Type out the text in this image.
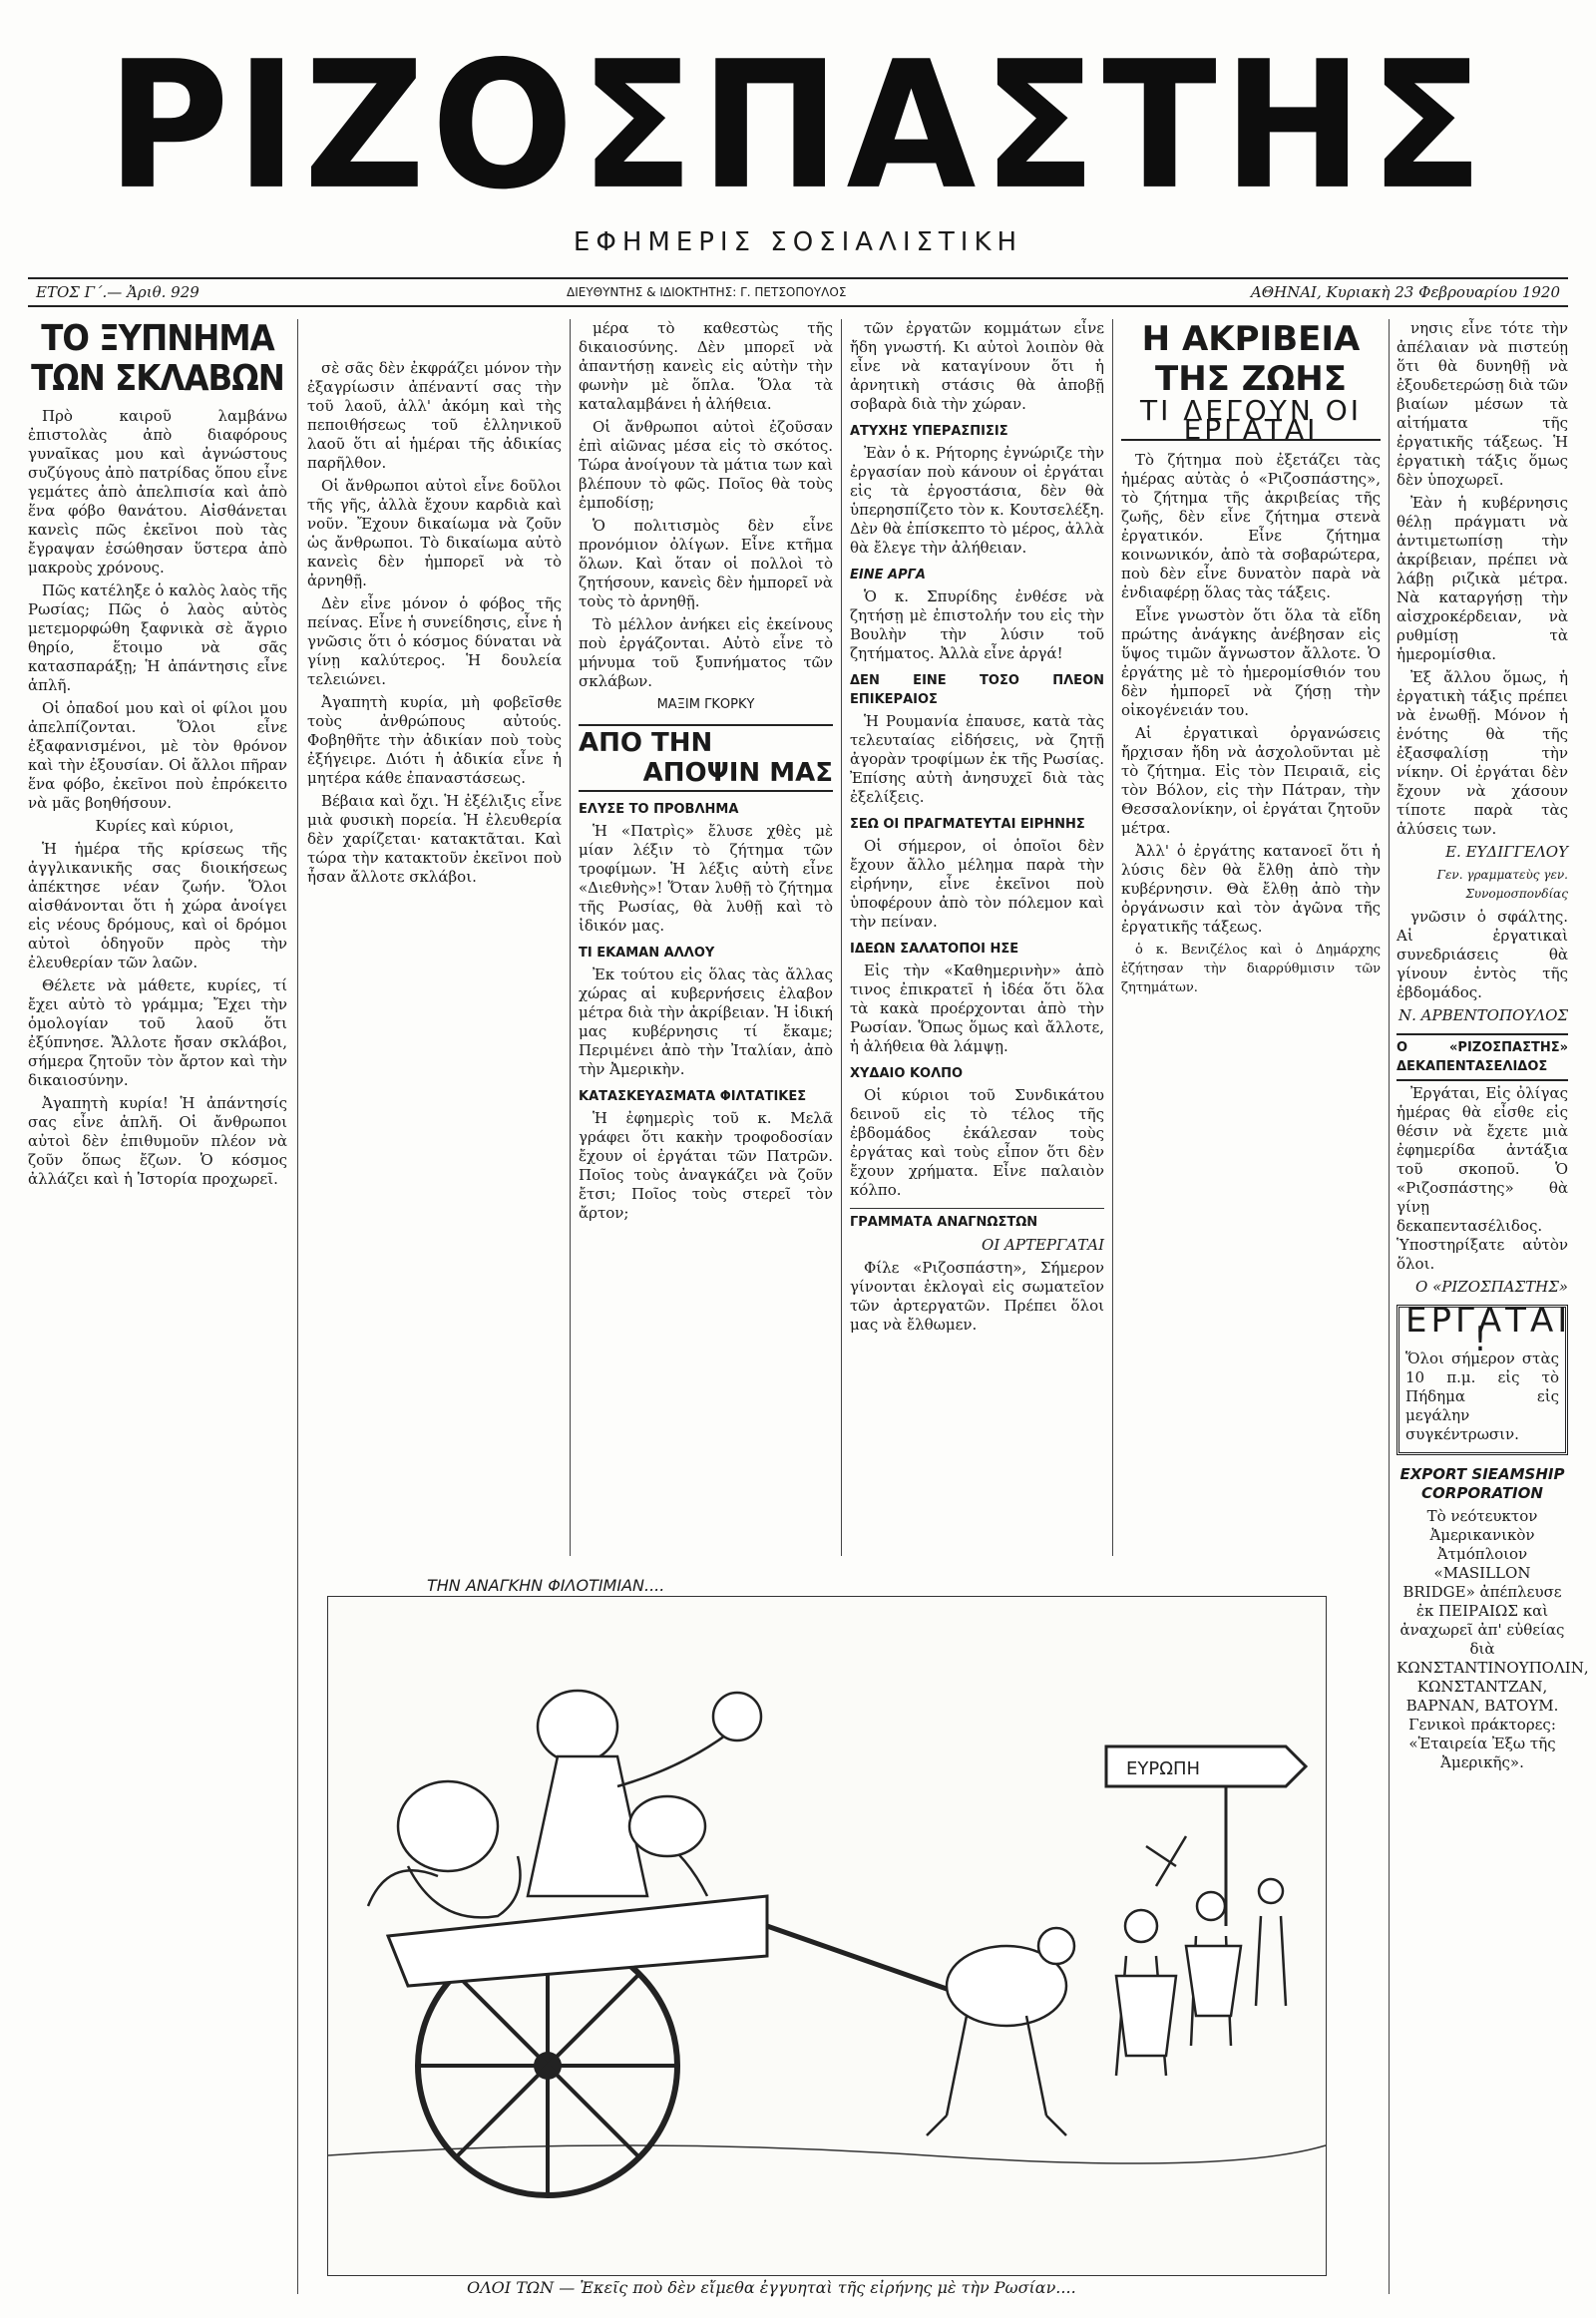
ΡΙΖΟΣΠΑΣΤΗΣ
ΕΦΗΜΕΡΙΣ ΣΟΣΙΑΛΙΣΤΙΚΗ
ΕΤΟΣ Γ΄.— Ἀριθ. 929	ΔΙΕΥΘΥΝΤΗΣ & ΙΔΙΟΚΤΗΤΗΣ: Γ. ΠΕΤΣΟΠΟΥΛΟΣ	ΑΘΗΝΑΙ, Κυριακὴ 23 Φεβρουαρίου 1920
ΤΟ ΞΥΠΝΗΜΑ ΤΩΝ ΣΚΛΑΒΩΝ

Πρὸ καιροῦ λαμβάνω ἐπιστολὰς ἀπὸ διαφόρους γυναῖκας μου καὶ ἀγνώστους συζύγους ἀπὸ πατρίδας ὅπου εἶνε γεμάτες ἀπὸ ἀπελπισία καὶ ἀπὸ ἕνα φόβο θανάτου. Αἰσθάνεται κανεὶς πῶς ἐκεῖνοι ποὺ τὰς ἔγραψαν ἐσώθησαν ὕστερα ἀπὸ μακροὺς χρόνους.

Πῶς κατέληξε ὁ καλὸς λαὸς τῆς Ρωσίας; Πῶς ὁ λαὸς αὐτὸς μετεμορφώθη ξαφνικὰ σὲ ἄγριο θηρίο, ἕτοιμο νὰ σᾶς κατασπαράξῃ; Ἡ ἀπάντησις εἶνε ἁπλῆ.

Οἱ ὀπαδοί μου καὶ οἱ φίλοι μου ἀπελπίζονται. Ὅλοι εἶνε ἐξαφανισμένοι, μὲ τὸν θρόνον καὶ τὴν ἐξουσίαν. Οἱ ἄλλοι πῆραν ἕνα φόβο, ἐκεῖνοι ποὺ ἐπρόκειτο νὰ μᾶς βοηθήσουν.

Κυρίες καὶ κύριοι,

Ἡ ἡμέρα τῆς κρίσεως τῆς ἀγγλικανικῆς σας διοικήσεως ἀπέκτησε νέαν ζωήν. Ὅλοι αἰσθάνονται ὅτι ἡ χώρα ἀνοίγει εἰς νέους δρόμους, καὶ οἱ δρόμοι αὐτοὶ ὁδηγοῦν πρὸς τὴν ἐλευθερίαν τῶν λαῶν.

Θέλετε νὰ μάθετε, κυρίες, τί ἔχει αὐτὸ τὸ γράμμα; Ἔχει τὴν ὁμολογίαν τοῦ λαοῦ ὅτι ἐξύπνησε. Ἄλλοτε ἤσαν σκλάβοι, σήμερα ζητοῦν τὸν ἄρτον καὶ τὴν δικαιοσύνην.

Ἀγαπητὴ κυρία! Ἡ ἀπάντησίς σας εἶνε ἁπλῆ. Οἱ ἄνθρωποι αὐτοὶ δὲν ἐπιθυμοῦν πλέον νὰ ζοῦν ὅπως ἔζων. Ὁ κόσμος ἀλλάζει καὶ ἡ Ἱστορία προχωρεῖ.

σὲ σᾶς δὲν ἐκφράζει μόνον τὴν ἐξαγρίωσιν ἀπέναντί σας τὴν τοῦ λαοῦ, ἀλλ' ἀκόμη καὶ τὴς πεποιθήσεως τοῦ ἑλληνικοῦ λαοῦ ὅτι αἱ ἡμέραι τῆς ἀδικίας παρῆλθον.

Οἱ ἄνθρωποι αὐτοὶ εἶνε δοῦλοι τῆς γῆς, ἀλλὰ ἔχουν καρδιὰ καὶ νοῦν. Ἔχουν δικαίωμα νὰ ζοῦν ὡς ἄνθρωποι. Τὸ δικαίωμα αὐτὸ κανεὶς δὲν ἠμπορεῖ νὰ τὸ ἀρνηθῇ.

Δὲν εἶνε μόνον ὁ φόβος τῆς πείνας. Εἶνε ἡ συνείδησις, εἶνε ἡ γνῶσις ὅτι ὁ κόσμος δύναται νὰ γίνῃ καλύτερος. Ἡ δουλεία τελειώνει.

Ἀγαπητὴ κυρία, μὴ φοβεῖσθε τοὺς ἀνθρώπους αὐτούς. Φοβηθῆτε τὴν ἀδικίαν ποὺ τοὺς ἐξήγειρε. Διότι ἡ ἀδικία εἶνε ἡ μητέρα κάθε ἐπαναστάσεως.

Βέβαια καὶ ὄχι. Ἡ ἐξέλιξις εἶνε μιὰ φυσικὴ πορεία. Ἡ ἐλευθερία δὲν χαρίζεται· κατακτᾶται. Καὶ τώρα τὴν κατακτοῦν ἐκεῖνοι ποὺ ἦσαν ἄλλοτε σκλάβοι.

μέρα τὸ καθεστὼς τῆς δικαιοσύνης. Δὲν μπορεῖ νὰ ἀπαντήσῃ κανεὶς εἰς αὐτὴν τὴν φωνὴν μὲ ὅπλα. Ὅλα τὰ καταλαμβάνει ἡ ἀλήθεια.

Οἱ ἄνθρωποι αὐτοὶ ἐζοῦσαν ἐπὶ αἰῶνας μέσα εἰς τὸ σκότος. Τώρα ἀνοίγουν τὰ μάτια των καὶ βλέπουν τὸ φῶς. Ποῖος θὰ τοὺς ἐμποδίσῃ;

Ὁ πολιτισμὸς δὲν εἶνε προνόμιον ὀλίγων. Εἶνε κτῆμα ὅλων. Καὶ ὅταν οἱ πολλοὶ τὸ ζητήσουν, κανεὶς δὲν ἠμπορεῖ νὰ τοὺς τὸ ἀρνηθῇ.

Τὸ μέλλον ἀνήκει εἰς ἐκείνους ποὺ ἐργάζονται. Αὐτὸ εἶνε τὸ μήνυμα τοῦ ξυπνήματος τῶν σκλάβων.

ΜΑΞΙΜ ΓΚΟΡΚΥ
ΑΠΟ ΤΗΝ
ΑΠΟΨΙΝ ΜΑΣ
ΕΛΥΣΕ ΤΟ ΠΡΟΒΛΗΜΑ

Ἡ «Πατρὶς» ἔλυσε χθὲς μὲ μίαν λέξιν τὸ ζήτημα τῶν τροφίμων. Ἡ λέξις αὐτὴ εἶνε «Διεθνὴς»! Ὅταν λυθῇ τὸ ζήτημα τῆς Ρωσίας, θὰ λυθῇ καὶ τὸ ἰδικόν μας.

ΤΙ ΕΚΑΜΑΝ ΑΛΛΟΥ

Ἐκ τούτου εἰς ὅλας τὰς ἄλλας χώρας αἱ κυβερνήσεις ἐλαβον μέτρα διὰ τὴν ἀκρίβειαν. Ἡ ἰδική μας κυβέρνησις τί ἔκαμε; Περιμένει ἀπὸ τὴν Ἰταλίαν, ἀπὸ τὴν Ἀμερικὴν.

ΚΑΤΑΣΚΕΥΑΣΜΑΤΑ ΦΙΛΤΑΤΙΚΕΣ

Ἡ ἐφημερὶς τοῦ κ. Μελᾶ γράφει ὅτι κακὴν τροφοδοσίαν ἔχουν οἱ ἐργάται τῶν Πατρῶν. Ποῖος τοὺς ἀναγκάζει νὰ ζοῦν ἔτσι; Ποῖος τοὺς στερεῖ τὸν ἄρτον;

τῶν ἐργατῶν κομμάτων εἶνε ἤδη γνωστή. Κι αὐτοὶ λοιπὸν θὰ εἶνε νὰ καταγίνουν ὅτι ἡ ἀρνητικὴ στάσις θὰ ἀποβῇ σοβαρὰ διὰ τὴν χώραν.

ΑΤΥΧΗΣ ΥΠΕΡΑΣΠΙΣΙΣ

Ἐὰν ὁ κ. Ρήτορης ἐγνώριζε τὴν ἐργασίαν ποὺ κάνουν οἱ ἐργάται εἰς τὰ ἐργοστάσια, δὲν θὰ ὑπερησπίζετο τὸν κ. Κουτσελέξη. Δὲν θὰ ἐπίσκεπτο τὸ μέρος, ἀλλὰ θὰ ἔλεγε τὴν ἀλήθειαν.

ΕΙΝΕ ΑΡΓΑ

Ὁ κ. Σπυρίδης ἐνθέσε νὰ ζητήσῃ μὲ ἐπιστολήν του εἰς τὴν Βουλὴν τὴν λύσιν τοῦ ζητήματος. Ἀλλὰ εἶνε ἀργά!

ΔΕΝ ΕΙΝΕ ΤΟΣΟ ΠΛΕΟΝ ΕΠΙΚΕΡΑΙΟΣ

Ἡ Ρουμανία ἐπαυσε, κατὰ τὰς τελευταίας εἰδήσεις, νὰ ζητῇ ἀγορὰν τροφίμων ἐκ τῆς Ρωσίας. Ἐπίσης αὐτὴ ἀνησυχεῖ διὰ τὰς ἐξελίξεις.

ΣΕΩ ΟΙ ΠΡΑΓΜΑΤΕΥΤΑΙ ΕΙΡΗΝΗΣ

Οἱ σήμερον, οἱ ὁποῖοι δὲν ἔχουν ἄλλο μέλημα παρὰ τὴν εἰρήνην, εἶνε ἐκεῖνοι ποὺ ὑποφέρουν ἀπὸ τὸν πόλεμον καὶ τὴν πείναν.

ΙΔΕΩΝ ΣΑΛΑΤΟΠΟΙ ΗΣΕ

Εἰς τὴν «Καθημερινὴν» ἀπὸ τινος ἐπικρατεῖ ἡ ἰδέα ὅτι ὅλα τὰ κακὰ προέρχονται ἀπὸ τὴν Ρωσίαν. Ὅπως ὅμως καὶ ἄλλοτε, ἡ ἀλήθεια θὰ λάμψῃ.

ΧΥΔΑΙΟ ΚΟΛΠΟ

Οἱ κύριοι τοῦ Συνδικάτου δεινοῦ εἰς τὸ τέλος τῆς ἐβδομάδος ἐκάλεσαν τοὺς ἐργάτας καὶ τοὺς εἶπον ὅτι δὲν ἔχουν χρήματα. Εἶνε παλαιὸν κόλπο.

ΓΡΑΜΜΑΤΑ ΑΝΑΓΝΩΣΤΩΝ
ΟΙ ΑΡΤΕΡΓΑΤΑΙ

Φίλε «Ριζοσπάστη», Σήμερον γίνονται ἐκλογαὶ εἰς σωματεῖον τῶν ἀρτεργατῶν. Πρέπει ὅλοι μας νὰ ἔλθωμεν.

Η ΑΚΡΙΒΕΙΑ ΤΗΣ ΖΩΗΣ
ΤΙ ΛΕΓΟΥΝ ΟΙ ΕΡΓΑΤΑΙ

Τὸ ζήτημα ποὺ ἐξετάζει τὰς ἡμέρας αὐτὰς ὁ «Ριζοσπάστης», τὸ ζήτημα τῆς ἀκριβείας τῆς ζωῆς, δὲν εἶνε ζήτημα στενὰ ἐργατικόν. Εἶνε ζήτημα κοινωνικόν, ἀπὸ τὰ σοβαρώτερα, ποὺ δὲν εἶνε δυνατὸν παρὰ νὰ ἐνδιαφέρῃ ὅλας τὰς τάξεις.

Εἶνε γνωστὸν ὅτι ὅλα τὰ εἴδη πρώτης ἀνάγκης ἀνέβησαν εἰς ὕψος τιμῶν ἄγνωστον ἄλλοτε. Ὁ ἐργάτης μὲ τὸ ἡμερομίσθιόν του δὲν ἠμπορεῖ νὰ ζήσῃ τὴν οἰκογένειάν του.

Αἱ ἐργατικαὶ ὀργανώσεις ἤρχισαν ἤδη νὰ ἀσχολοῦνται μὲ τὸ ζήτημα. Εἰς τὸν Πειραιᾶ, εἰς τὸν Βόλον, εἰς τὴν Πάτραν, τὴν Θεσσαλονίκην, οἱ ἐργάται ζητοῦν μέτρα.

Ἀλλ' ὁ ἐργάτης κατανοεῖ ὅτι ἡ λύσις δὲν θὰ ἔλθῃ ἀπὸ τὴν κυβέρνησιν. Θὰ ἔλθῃ ἀπὸ τὴν ὀργάνωσιν καὶ τὸν ἀγῶνα τῆς ἐργατικῆς τάξεως.

ὁ κ. Βενιζέλος καὶ ὁ Δημάρχης ἐζήτησαν τὴν διαρρύθμισιν τῶν ζητημάτων.

νησις εἶνε τότε τὴν ἀπέλαιαν νὰ πιστεύῃ ὅτι θὰ δυνηθῇ νὰ ἐξουδετερώσῃ διὰ τῶν βιαίων μέσων τὰ αἰτήματα τῆς ἐργατικῆς τάξεως. Ἡ ἐργατικὴ τάξις ὅμως δὲν ὑποχωρεῖ.

Ἐὰν ἡ κυβέρνησις θέλῃ πράγματι νὰ ἀντιμετωπίσῃ τὴν ἀκρίβειαν, πρέπει νὰ λάβῃ ριζικὰ μέτρα. Νὰ καταργήσῃ τὴν αἰσχροκέρδειαν, νὰ ρυθμίσῃ τὰ ἡμερομίσθια.

Ἐξ ἄλλου ὅμως, ἡ ἐργατικὴ τάξις πρέπει νὰ ἐνωθῇ. Μόνον ἡ ἑνότης θὰ τῆς ἐξασφαλίσῃ τὴν νίκην. Οἱ ἐργάται δὲν ἔχουν νὰ χάσουν τίποτε παρὰ τὰς ἁλύσεις των.

Ε. ΕΥΔΙΓΓΕΛΟΥ
Γεν. γραμματεὺς γεν. Συνομοσπονδίας

γνῶσιν ὁ σφάλτης. Αἱ ἐργατικαὶ συνεδριάσεις θὰ γίνουν ἐντὸς τῆς ἑβδομάδος.

Ν. ΑΡΒΕΝΤΟΠΟΥΛΟΣ
Ο «ΡΙΖΟΣΠΑΣΤΗΣ» ΔΕΚΑΠΕΝΤΑΣΕΛΙΔΟΣ

Ἐργάται, Εἰς ὀλίγας ἡμέρας θὰ εἶσθε εἰς θέσιν νὰ ἔχετε μιὰ ἐφημερίδα ἀντάξια τοῦ σκοποῦ. Ὁ «Ριζοσπάστης» θὰ γίνῃ δεκαπεντασέλιδος. Ὑποστηρίξατε αὐτὸν ὅλοι.

Ο «ΡΙΖΟΣΠΑΣΤΗΣ»
ΕΡΓΑΤΑΙ !

Ὅλοι σήμερον στὰς 10 π.μ. εἰς τὸ Πήδημα εἰς μεγάλην συγκέντρωσιν.

EXPORT SIEAMSHIP CORPORATION

Τὸ νεότευκτον Ἀμερικανικὸν Ἀτμόπλοιον «MASILLON BRIDGE» ἀπέπλευσε ἐκ ΠΕΙΡΑΙΩΣ καὶ ἀναχωρεῖ ἀπ' εὐθείας διὰ ΚΩΝΣΤΑΝΤΙΝΟΥΠΟΛΙΝ, ΚΩΝΣΤΑΝΤΖΑΝ, ΒΑΡΝΑΝ, ΒΑΤΟΥΜ. Γενικοὶ πράκτορες: «Ἑταιρεία Ἐξω τῆς Ἀμερικῆς».

ΤΗΝ ΑΝΑΓΚΗΝ ΦΙΛΟΤΙΜΙΑΝ....
ΕΥΡΩΠΗ
ΟΛΟΙ ΤΩΝ — Ἐκεῖς ποὺ δὲν εἴμεθα ἐγγυηταὶ τῆς εἰρήνης μὲ τὴν Ρωσίαν....
